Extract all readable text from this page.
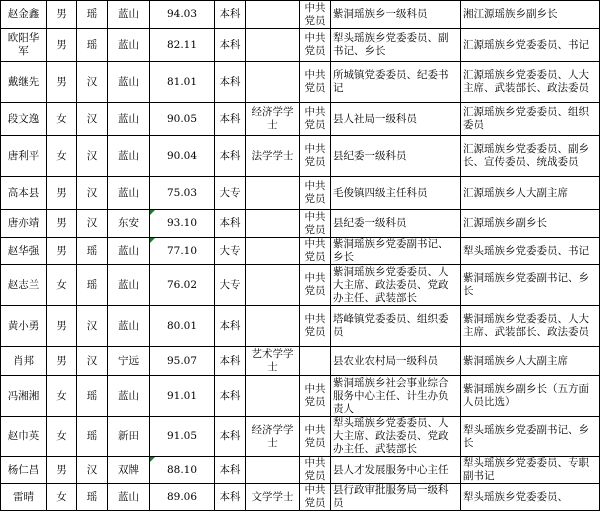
赵金鑫	男	瑶	蓝山	94.03	本科		中共党员	紫洞瑶族乡一级科员	湘江源瑶族乡副乡长
欧阳华军	男	瑶	蓝山	82.11	本科		中共党员	犁头瑶族乡党委委员、副书记、乡长	汇源瑶族乡党委委员、书记
戴继先	男	汉	蓝山	81.01	本科		中共党员	所城镇党委委员、纪委书记	汇源瑶族乡党委委员、人大主席、武装部长、政法委员
段文逸	女	汉	蓝山	90.05	本科	经济学学士	中共党员	县人社局一级科员	汇源瑶族乡党委委员、组织委员
唐利平	女	汉	蓝山	90.04	本科	法学学士	中共党员	县纪委一级科员	汇源瑶族乡党委委员、副乡长、宣传委员、统战委员
高本县	男	汉	蓝山	75.03	大专		中共党员	毛俊镇四级主任科员	汇源瑶族乡人大副主席
唐亦靖	男	汉	东安	93.10	本科		中共党员	县纪委一级科员	汇源瑶族乡副乡长
赵华强	男	瑶	蓝山	77.10	大专		中共党员	紫洞瑶族乡党委副书记、乡长	犁头瑶族乡党委委员、书记
赵志兰	女	瑶	蓝山	76.02	大专		中共党员	紫洞瑶族乡党委委员、人大主席、政法委员、党政办主任、武装部长	紫洞瑶族乡党委副书记、乡长
黄小勇	男	汉	蓝山	80.01	本科		中共党员	塔峰镇党委委员、组织委员	紫洞瑶族乡党委委员、人大主席、武装部长、政法委员
肖邦	男	汉	宁远	95.07	本科	艺术学学士		县农业农村局一级科员	紫洞瑶族乡人大副主席
冯湘湘	女	瑶	蓝山	91.01	本科		中共党员	紫洞瑶族乡社会事业综合服务中心主任、计生办负责人	紫洞瑶族乡副乡长（五方面人员比选）
赵巾英	女	瑶	新田	91.05	本科	经济学学士	中共党员	犁头瑶族乡党委委员、人大主席、政法委员、党政办主任、武装部长	犁头瑶族乡党委副书记、乡长
杨仁昌	男	汉	双牌	88.10	本科		中共党员	县人才发展服务中心主任	犁头瑶族乡党委委员、专职副书记
雷晴	女	瑶	蓝山	89.06	本科	文学学士	中共党员	县行政审批服务局一级科员	犁头瑶族乡党委委员、
